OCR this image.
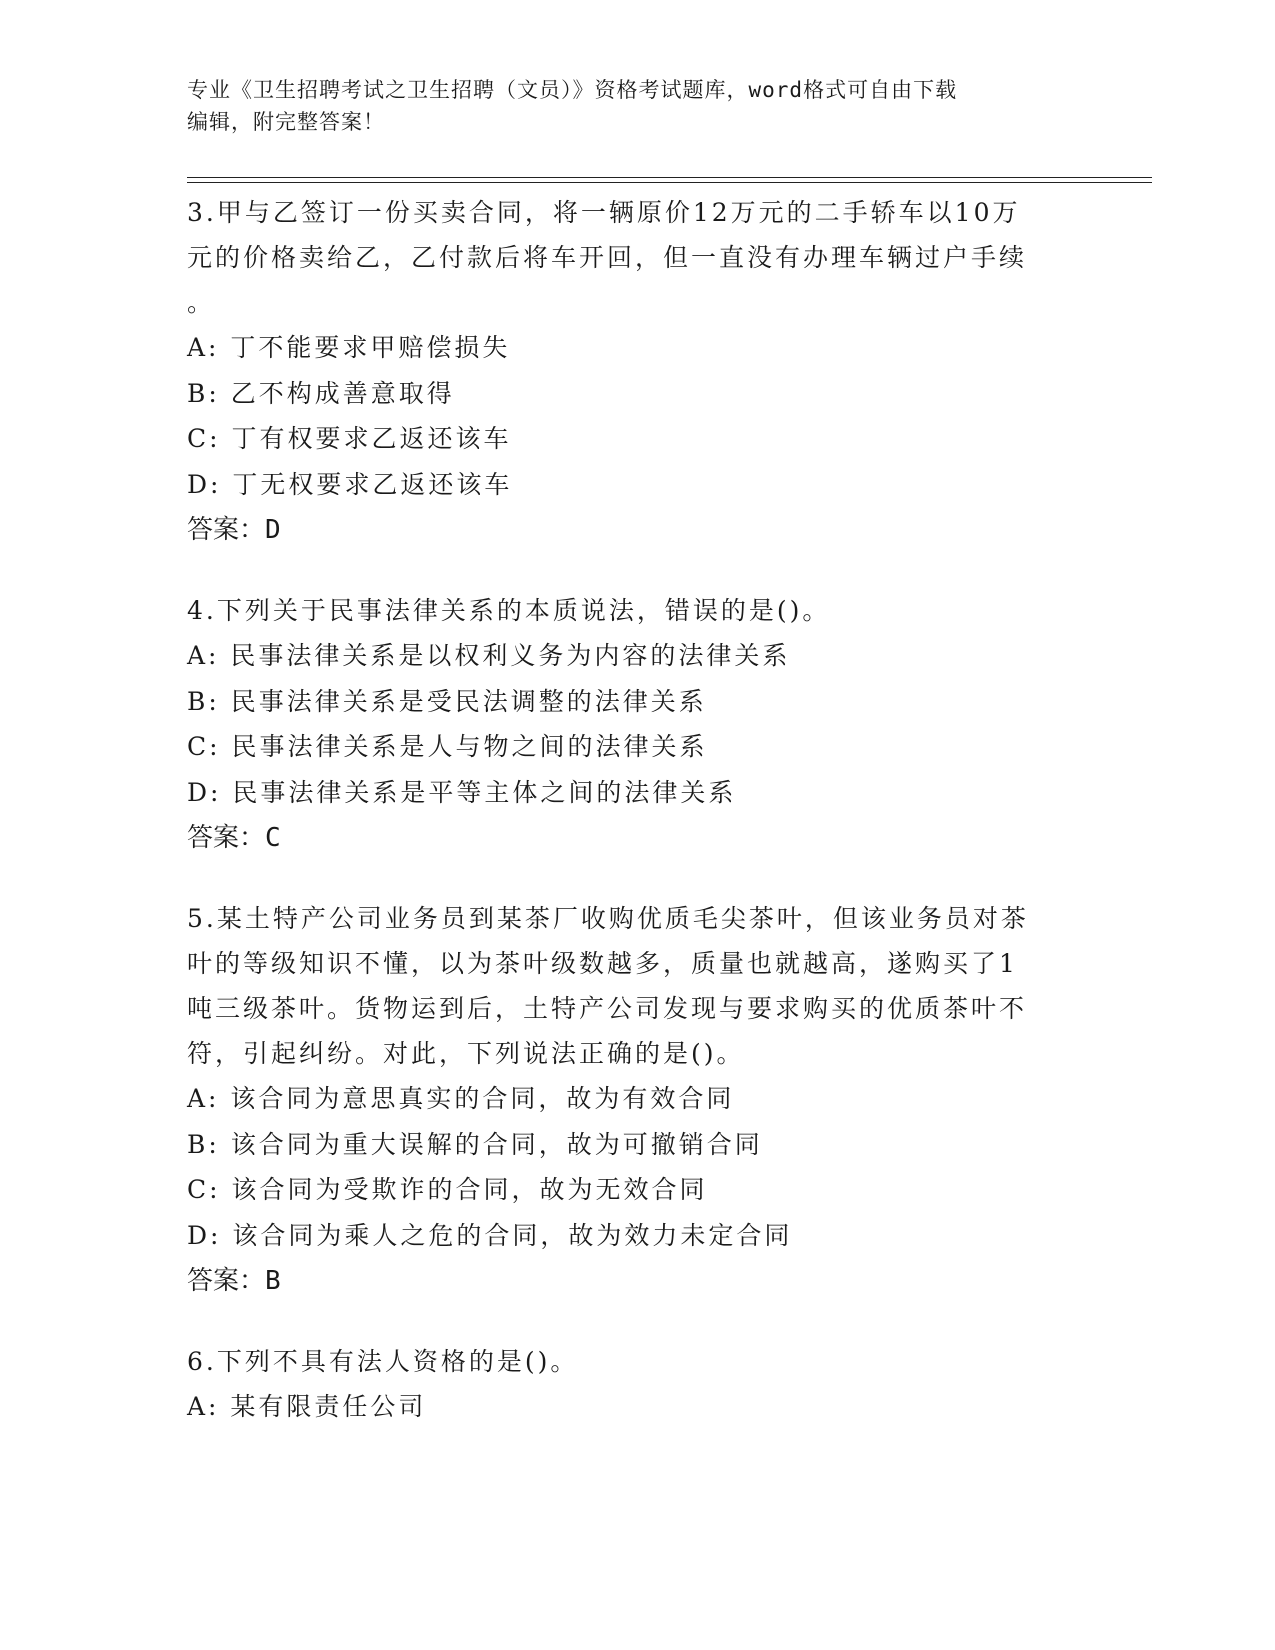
专业《卫生招聘考试之卫生招聘（文员）》资格考试题库，word格式可自由下载
编辑，附完整答案！

3.甲与乙签订一份买卖合同，将一辆原价12万元的二手轿车以10万

元的价格卖给乙，乙付款后将车开回，但一直没有办理车辆过户手续

。

A: 丁不能要求甲赔偿损失

B: 乙不构成善意取得

C: 丁有权要求乙返还该车

D: 丁无权要求乙返还该车

答案：D

4.下列关于民事法律关系的本质说法，错误的是()。

A: 民事法律关系是以权利义务为内容的法律关系

B: 民事法律关系是受民法调整的法律关系

C: 民事法律关系是人与物之间的法律关系

D: 民事法律关系是平等主体之间的法律关系

答案：C

5.某土特产公司业务员到某茶厂收购优质毛尖茶叶，但该业务员对茶

叶的等级知识不懂，以为茶叶级数越多，质量也就越高，遂购买了1

吨三级茶叶。货物运到后，土特产公司发现与要求购买的优质茶叶不

符，引起纠纷。对此，下列说法正确的是()。

A: 该合同为意思真实的合同，故为有效合同

B: 该合同为重大误解的合同，故为可撤销合同

C: 该合同为受欺诈的合同，故为无效合同

D: 该合同为乘人之危的合同，故为效力未定合同

答案：B

6.下列不具有法人资格的是()。

A: 某有限责任公司
